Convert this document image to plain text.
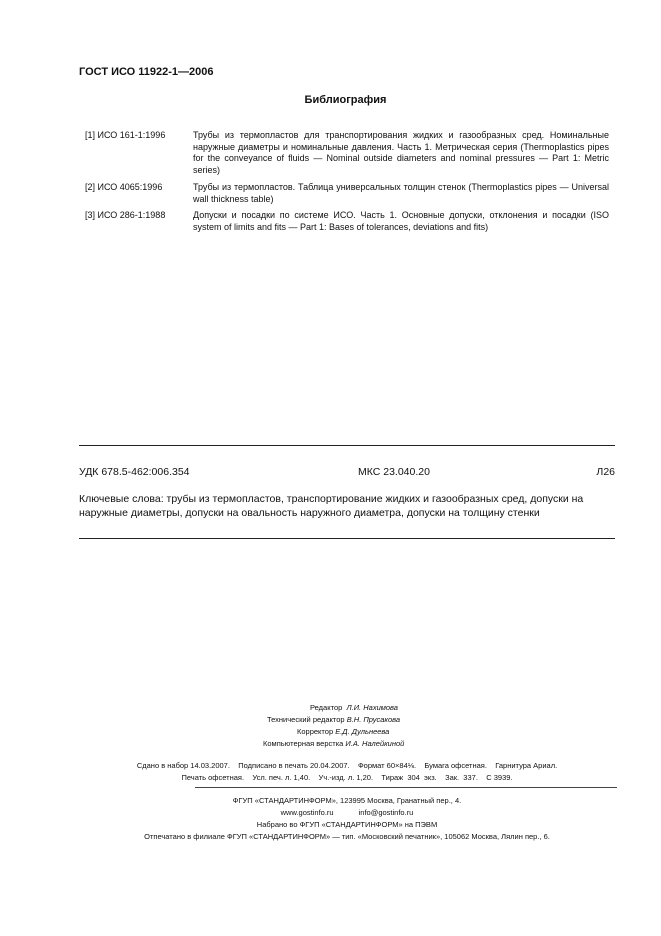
ГОСТ ИСО 11922-1—2006
Библиография
[1] ИСО 161-1:1996	Трубы из термопластов для транспортирования жидких и газообразных сред. Номинальные наружные диаметры и номинальные давления. Часть 1. Метрическая серия (Thermoplastics pipes for the conveyance of fluids — Nominal outside diameters and nominal pressures — Part 1: Metric series)
[2] ИСО 4065:1996	Трубы из термопластов. Таблица универсальных толщин стенок (Thermoplastics pipes — Universal wall thickness table)
[3] ИСО 286-1:1988	Допуски и посадки по системе ИСО. Часть 1. Основные допуски, отклонения и посадки (ISO system of limits and fits — Part 1: Bases of tolerances, deviations and fits)
УДК 678.5-462:006.354	МКС 23.040.20	Л26
Ключевые слова: трубы из термопластов, транспортирование жидких и газообразных сред, допуски на наружные диаметры, допуски на овальность наружного диаметра, допуски на толщину стенки
Редактор Л.И. Нахимова
Технический редактор В.Н. Прусакова
Корректор Е.Д. Дульнеева
Компьютерная верстка И.А. Налейкиной
Сдано в набор 14.03.2007.    Подписано в печать 20.04.2007.    Формат 60×84⅛.    Бумага офсетная.    Гарнитура Ариал.
Печать офсетная.    Усл. печ. л. 1,40.    Уч.-изд. л. 1,20.    Тираж  304  экз.    Зак.  337.    С 3939.
ФГУП «СТАНДАРТИНФОРМ», 123995 Москва, Гранатный пер., 4.
www.gostinfo.ru	info@gostinfo.ru
Набрано во ФГУП «СТАНДАРТИНФОРМ» на ПЭВМ
Отпечатано в филиале ФГУП «СТАНДАРТИНФОРМ» — тип. «Московский печатник», 105062 Москва, Лялин пер., 6.
